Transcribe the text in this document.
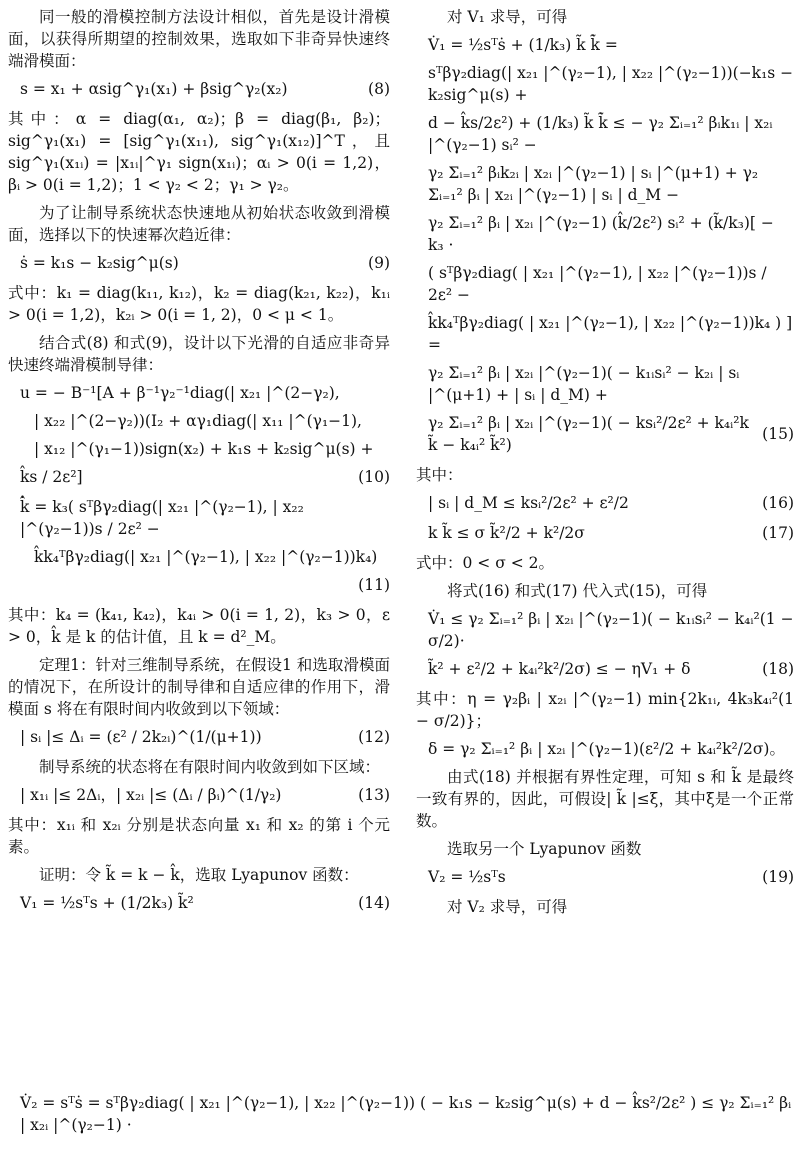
同一般的滑模控制方法设计相似，首先是设计滑模面，以获得所期望的控制效果，选取如下非奇异快速终端滑模面：

s = x₁ + αsig^γ₁(x₁) + βsig^γ₂(x₂)	(8)

其中：α = diag(α₁, α₂)；β = diag(β₁, β₂)；sig^γ₁(x₁) = [sig^γ₁(x₁₁), sig^γ₁(x₁₂)]^T，且sig^γ₁(x₁ᵢ) = |x₁ᵢ|^γ₁ sign(x₁ᵢ)；αᵢ > 0(i = 1,2)，βᵢ > 0(i = 1,2)；1 < γ₂ < 2；γ₁ > γ₂。

为了让制导系统状态快速地从初始状态收敛到滑模面，选择以下的快速幂次趋近律：

ṡ = k₁s − k₂sig^μ(s)	(9)

式中：k₁ = diag(k₁₁, k₁₂)，k₂ = diag(k₂₁, k₂₂)，k₁ᵢ > 0(i = 1,2)，k₂ᵢ > 0(i = 1, 2)，0 < μ < 1。

结合式(8) 和式(9)，设计以下光滑的自适应非奇异快速终端滑模制导律：

u = − B⁻¹[A + β⁻¹γ₂⁻¹diag(| x₂₁ |^(2−γ₂),
| x₂₂ |^(2−γ₂))(I₂ + αγ₁diag(| x₁₁ |^(γ₁−1),
| x₁₂ |^(γ₁−1))sign(x₂) + k₁s + k₂sig^μ(s) +
k̂s / 2ε²]	(10)
k̂̇ = k₃( sᵀβγ₂diag(| x₂₁ |^(γ₂−1), | x₂₂ |^(γ₂−1))s / 2ε² −
k̂k₄ᵀβγ₂diag(| x₂₁ |^(γ₂−1), | x₂₂ |^(γ₂−1))k₄)
(11)

其中：k₄ = (k₄₁, k₄₂)，k₄ᵢ > 0(i = 1, 2)，k₃ > 0，ε > 0，k̂ 是 k 的估计值，且 k = d²_M。

定理1：针对三维制导系统，在假设1 和选取滑模面的情况下，在所设计的制导律和自适应律的作用下，滑模面 s 将在有限时间内收敛到以下领域：

| sᵢ |≤ Δᵢ = (ε² / 2k₂ᵢ)^(1/(μ+1))	(12)

制导系统的状态将在有限时间内收敛到如下区域：

| x₁ᵢ |≤ 2Δᵢ，| x₂ᵢ |≤ (Δᵢ / βᵢ)^(1/γ₂)	(13)

其中：x₁ᵢ 和 x₂ᵢ 分别是状态向量 x₁ 和 x₂ 的第 i 个元素。

证明：令 k̃ = k − k̂，选取 Lyapunov 函数：

V₁ = ½sᵀs + (1/2k₃) k̃²	(14)

对 V₁ 求导，可得

V̇₁ = ½sᵀṡ + (1/k₃) k̃ k̃̇ =
sᵀβγ₂diag(| x₂₁ |^(γ₂−1), | x₂₂ |^(γ₂−1))(−k₁s − k₂sig^μ(s) +
d − k̂s/2ε²) + (1/k₃) k̃ k̃̇ ≤ − γ₂ Σᵢ₌₁² βᵢk₁ᵢ | x₂ᵢ |^(γ₂−1) sᵢ² −
γ₂ Σᵢ₌₁² βᵢk₂ᵢ | x₂ᵢ |^(γ₂−1) | sᵢ |^(μ+1) + γ₂ Σᵢ₌₁² βᵢ | x₂ᵢ |^(γ₂−1) | sᵢ | d_M −
γ₂ Σᵢ₌₁² βᵢ | x₂ᵢ |^(γ₂−1) (k̂/2ε²) sᵢ² + (k̃/k₃)[ − k₃ ·
( sᵀβγ₂diag( | x₂₁ |^(γ₂−1), | x₂₂ |^(γ₂−1))s / 2ε² −
k̂k₄ᵀβγ₂diag( | x₂₁ |^(γ₂−1), | x₂₂ |^(γ₂−1))k₄ ) ] =
γ₂ Σᵢ₌₁² βᵢ | x₂ᵢ |^(γ₂−1)( − k₁ᵢsᵢ² − k₂ᵢ | sᵢ |^(μ+1) + | sᵢ | d_M) +
γ₂ Σᵢ₌₁² βᵢ | x₂ᵢ |^(γ₂−1)( − ksᵢ²/2ε² + k₄ᵢ²k k̃ − k₄ᵢ² k̃²)
(15)

其中：

| sᵢ | d_M ≤ ksᵢ²/2ε² + ε²/2	(16)
k k̃ ≤ σ k̃²/2 + k²/2σ	(17)

式中：0 < σ < 2。

将式(16) 和式(17) 代入式(15)，可得

V̇₁ ≤ γ₂ Σᵢ₌₁² βᵢ | x₂ᵢ |^(γ₂−1)( − k₁ᵢsᵢ² − k₄ᵢ²(1 − σ/2)·
k̃² + ε²/2 + k₄ᵢ²k²/2σ) ≤ − ηV₁ + δ	(18)

其中：η = γ₂βᵢ | x₂ᵢ |^(γ₂−1) min{2k₁ᵢ, 4k₃k₄ᵢ²(1 − σ/2)}；

δ = γ₂ Σᵢ₌₁² βᵢ | x₂ᵢ |^(γ₂−1)(ε²/2 + k₄ᵢ²k²/2σ)。

由式(18) 并根据有界性定理，可知 s 和 k̃ 是最终一致有界的，因此，可假设| k̃ |≤ξ，其中ξ是一个正常数。

选取另一个 Lyapunov 函数

V₂ = ½sᵀs	(19)

对 V₂ 求导，可得

V̇₂ = sᵀṡ = sᵀβγ₂diag( | x₂₁ |^(γ₂−1), | x₂₂ |^(γ₂−1)) ( − k₁s − k₂sig^μ(s) + d − k̂s²/2ε² ) ≤ γ₂ Σᵢ₌₁² βᵢ | x₂ᵢ |^(γ₂−1) ·
